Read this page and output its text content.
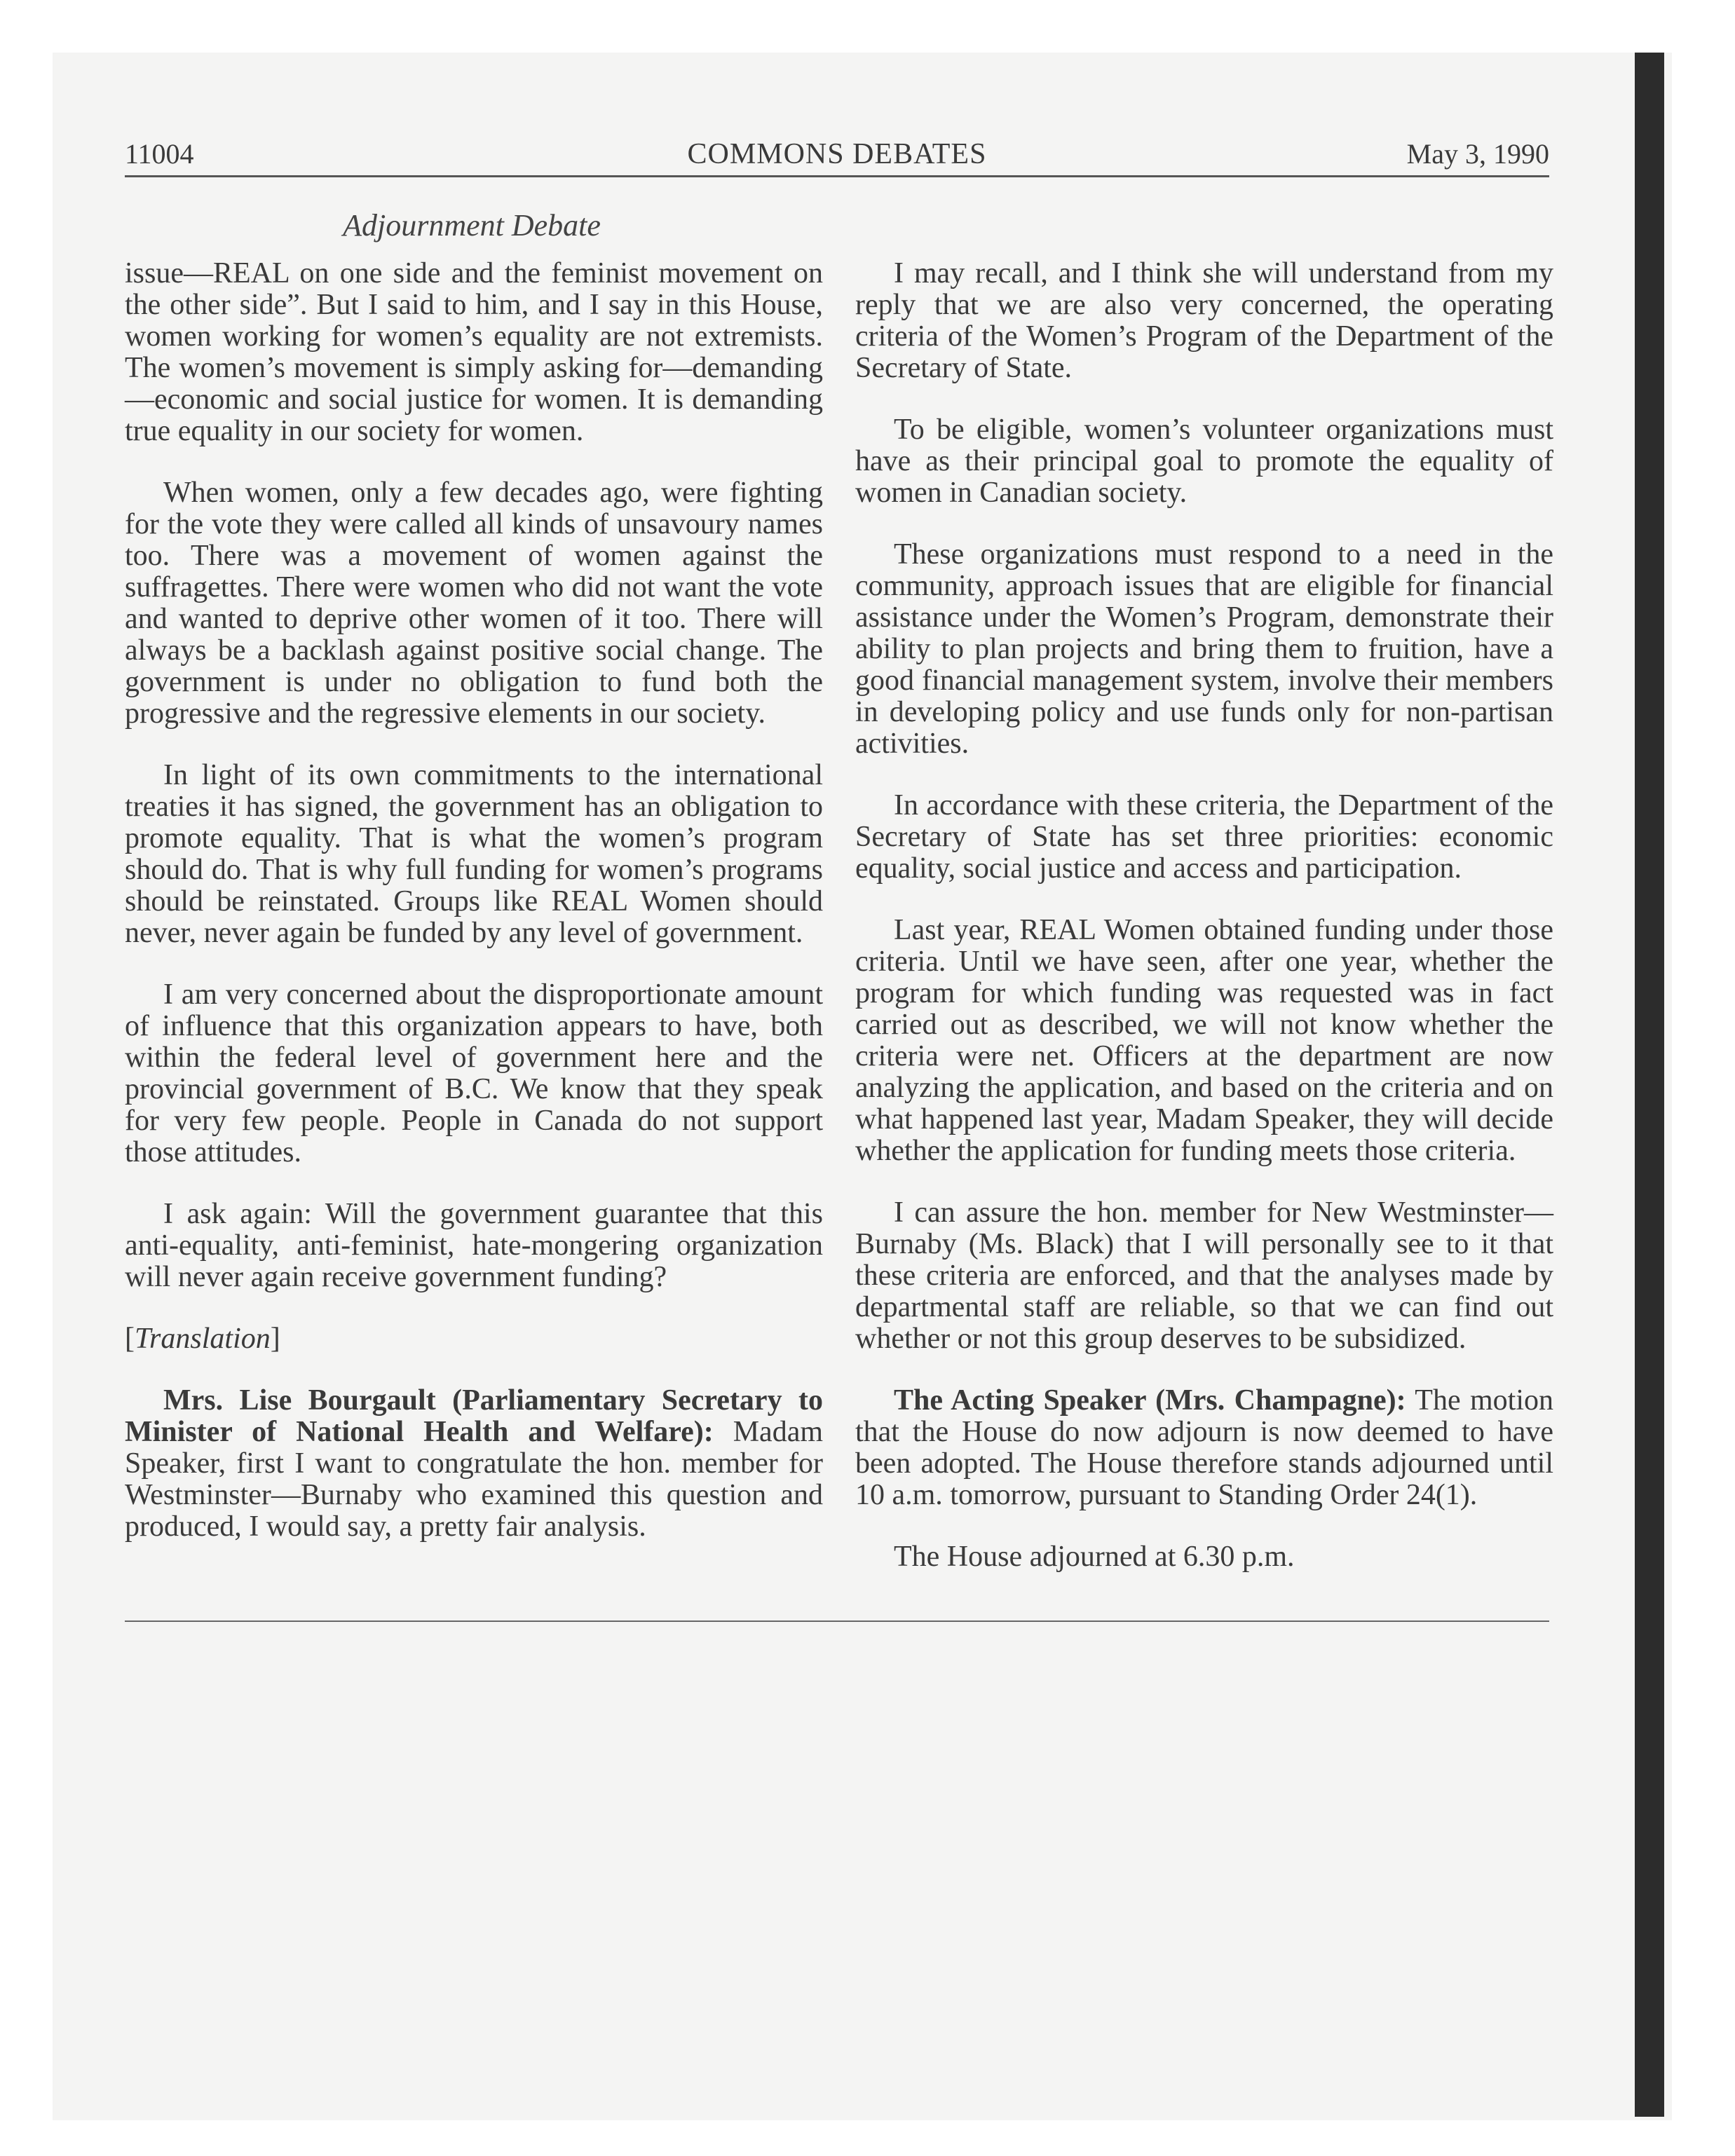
11004	COMMONS DEBATES	May 3, 1990
Adjournment Debate

issue—REAL on one side and the feminist movement on the other side”. But I said to him, and I say in this House, women working for women’s equality are not extremists. The women’s movement is simply asking for—demanding—economic and social justice for women. It is demanding true equality in our society for women.

When women, only a few decades ago, were fighting for the vote they were called all kinds of unsavoury names too. There was a movement of women against the suffragettes. There were women who did not want the vote and wanted to deprive other women of it too. There will always be a backlash against positive social change. The government is under no obligation to fund both the progressive and the regressive elements in our society.

In light of its own commitments to the international treaties it has signed, the government has an obligation to promote equality. That is what the women’s program should do. That is why full funding for women’s programs should be reinstated. Groups like REAL Women should never, never again be funded by any level of government.

I am very concerned about the disproportionate amount of influence that this organization appears to have, both within the federal level of government here and the provincial government of B.C. We know that they speak for very few people. People in Canada do not support those attitudes.

I ask again: Will the government guarantee that this anti-equality, anti-feminist, hate-mongering organization will never again receive government funding?

[Translation]

Mrs. Lise Bourgault (Parliamentary Secretary to Minister of National Health and Welfare): Madam Speaker, first I want to congratulate the hon. member for Westminster—Burnaby who examined this question and produced, I would say, a pretty fair analysis.

I may recall, and I think she will understand from my reply that we are also very concerned, the operating criteria of the Women’s Program of the Department of the Secretary of State.

To be eligible, women’s volunteer organizations must have as their principal goal to promote the equality of women in Canadian society.

These organizations must respond to a need in the community, approach issues that are eligible for financial assistance under the Women’s Program, demonstrate their ability to plan projects and bring them to fruition, have a good financial management system, involve their members in developing policy and use funds only for non-partisan activities.

In accordance with these criteria, the Department of the Secretary of State has set three priorities: economic equality, social justice and access and participation.

Last year, REAL Women obtained funding under those criteria. Until we have seen, after one year, whether the program for which funding was requested was in fact carried out as described, we will not know whether the criteria were net. Officers at the department are now analyzing the application, and based on the criteria and on what happened last year, Madam Speaker, they will decide whether the application for funding meets those criteria.

I can assure the hon. member for New Westminster—Burnaby (Ms. Black) that I will personally see to it that these criteria are enforced, and that the analyses made by departmental staff are reliable, so that we can find out whether or not this group deserves to be subsidized.

The Acting Speaker (Mrs. Champagne): The motion that the House do now adjourn is now deemed to have been adopted. The House therefore stands adjourned until 10 a.m. tomorrow, pursuant to Standing Order 24(1).

The House adjourned at 6.30 p.m.
